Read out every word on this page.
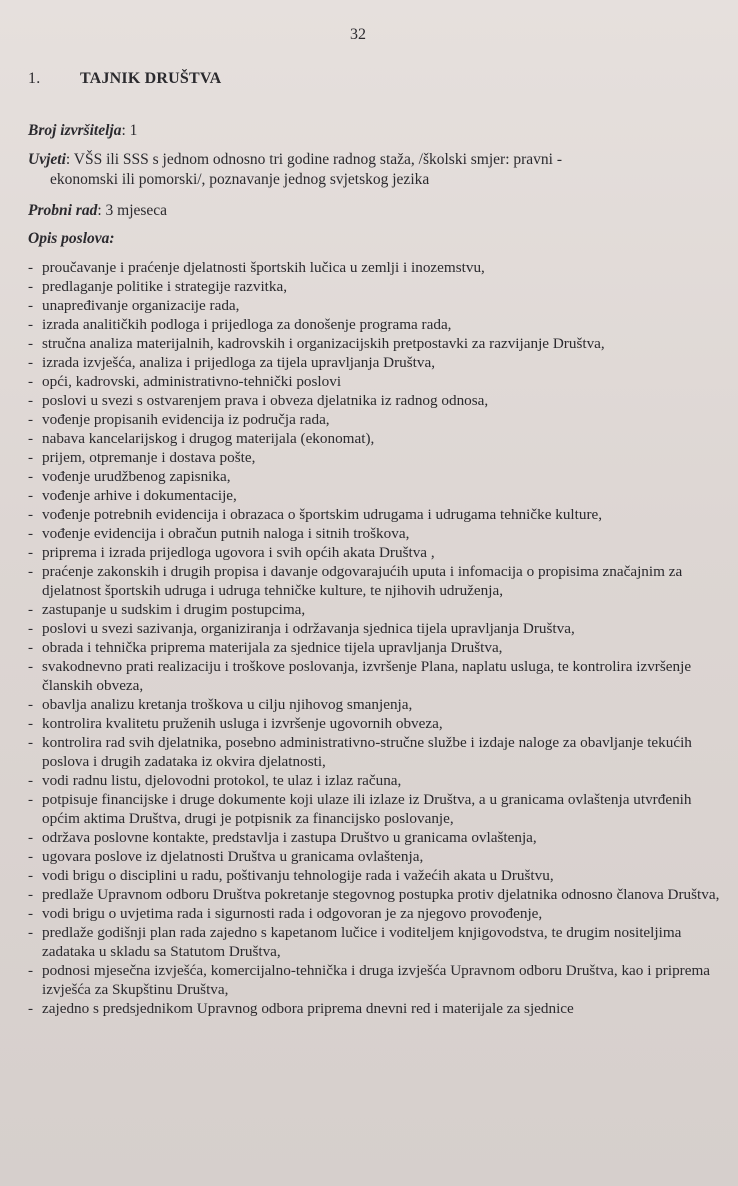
32
1. TAJNIK DRUŠTVA
Broj izvršitelja: 1
Uvjeti: VŠS ili SSS s jednom odnosno tri godine radnog staža, /školski smjer: pravni -
ekonomski ili pomorski/, poznavanje jednog svjetskog jezika
Probni rad: 3 mjeseca
Opis poslova:
- proučavanje i praćenje djelatnosti športskih lučica u zemlji i inozemstvu,
- predlaganje politike i strategije razvitka,
- unapređivanje organizacije rada,
- izrada analitičkih podloga i prijedloga za donošenje programa rada,
- stručna analiza materijalnih, kadrovskih i organizacijskih pretpostavki za razvijanje Društva,
- izrada izvješća, analiza i prijedloga za tijela upravljanja Društva,
- opći, kadrovski, administrativno-tehnički poslovi
- poslovi u svezi s ostvarenjem prava i obveza djelatnika iz radnog odnosa,
- vođenje propisanih evidencija iz područja rada,
- nabava kancelarijskog i drugog materijala (ekonomat),
- prijem, otpremanje i dostava pošte,
- vođenje urudžbenog zapisnika,
- vođenje arhive i dokumentacije,
- vođenje potrebnih evidencija i obrazaca o športskim udrugama i udrugama tehničke kulture,
- vođenje evidencija i obračun putnih naloga i sitnih troškova,
- priprema i izrada prijedloga ugovora i svih općih akata Društva ,
- praćenje zakonskih i drugih propisa i davanje odgovarajućih uputa i infomacija o propisima značajnim za djelatnost športskih udruga i udruga tehničke kulture, te njihovih udruženja,
- zastupanje u sudskim i drugim postupcima,
- poslovi u svezi sazivanja, organiziranja i održavanja sjednica tijela upravljanja Društva,
- obrada i tehnička priprema materijala za sjednice tijela upravljanja Društva,
- svakodnevno prati realizaciju i troškove poslovanja, izvršenje Plana, naplatu usluga, te kontrolira izvršenje članskih obveza,
- obavlja analizu kretanja troškova u cilju njihovog smanjenja,
- kontrolira kvalitetu pruženih usluga i izvršenje ugovornih obveza,
- kontrolira rad svih djelatnika, posebno administrativno-stručne službe i izdaje naloge za obavljanje tekućih poslova i drugih zadataka iz okvira djelatnosti,
- vodi radnu listu, djelovodni protokol, te ulaz i izlaz računa,
- potpisuje financijske i druge dokumente koji ulaze ili izlaze iz Društva, a u granicama ovlaštenja utvrđenih općim aktima Društva, drugi je potpisnik za financijsko poslovanje,
- održava poslovne kontakte, predstavlja i zastupa Društvo u granicama ovlaštenja,
- ugovara poslove iz djelatnosti Društva u granicama ovlaštenja,
- vodi brigu o disciplini u radu, poštivanju tehnologije rada i važećih akata u Društvu,
- predlaže Upravnom odboru Društva pokretanje stegovnog postupka protiv djelatnika odnosno članova Društva,
- vodi brigu o uvjetima rada i sigurnosti rada i odgovoran je za njegovo provođenje,
- predlaže godišnji plan rada zajedno s kapetanom lučice i voditeljem knjigovodstva, te drugim nositeljima zadataka u skladu sa Statutom Društva,
- podnosi mjesečna izvješća, komercijalno-tehnička i druga izvješća Upravnom odboru Društva, kao i priprema izvješća za Skupštinu Društva,
- zajedno s predsjednikom Upravnog odbora priprema dnevni red i materijale za sjednice
